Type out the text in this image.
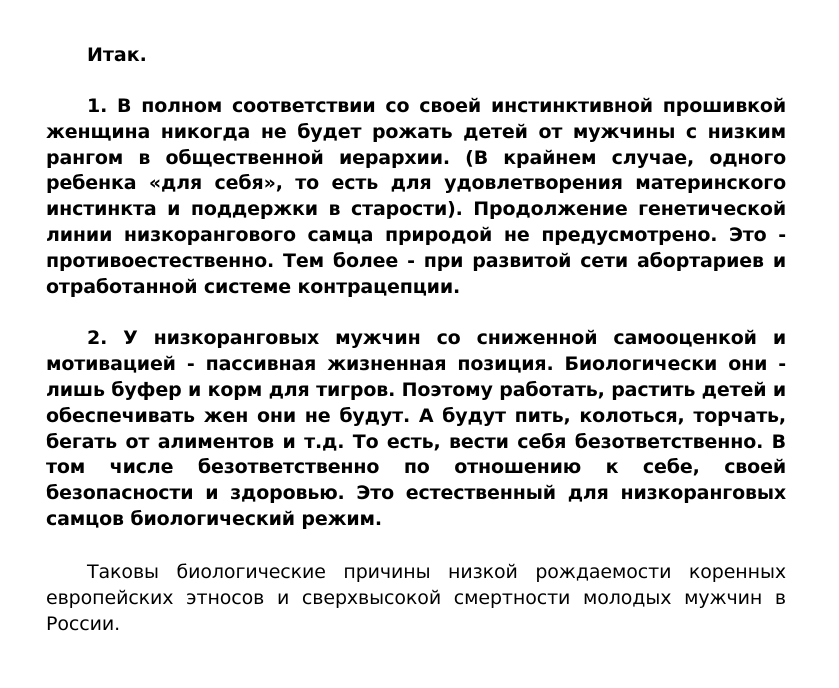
Итак.

1. В полном соответствии со своей инстинктивной прошивкой женщина никогда не будет рожать детей от мужчины с низким рангом в общественной иерархии. (В крайнем случае, одного ребенка «для себя», то есть для удовлетворения материнского инстинкта и поддержки в старости). Продолжение генетической линии низкорангового самца природой не предусмотрено. Это - противоестественно. Тем более - при развитой сети абортариев и отработанной системе контрацепции.

2. У низкоранговых мужчин со сниженной самооценкой и мотивацией - пассивная жизненная позиция. Биологически они - лишь буфер и корм для тигров. Поэтому работать, растить детей и обеспечивать жен они не будут. А будут пить, колоться, торчать, бегать от алиментов и т.д. То есть, вести себя безответственно. В том числе безответственно по отношению к себе, своей безопасности и здоровью. Это естественный для низкоранговых самцов биологический режим.

Таковы биологические причины низкой рождаемости коренных европейских этносов и сверхвысокой смертности молодых мужчин в России.
